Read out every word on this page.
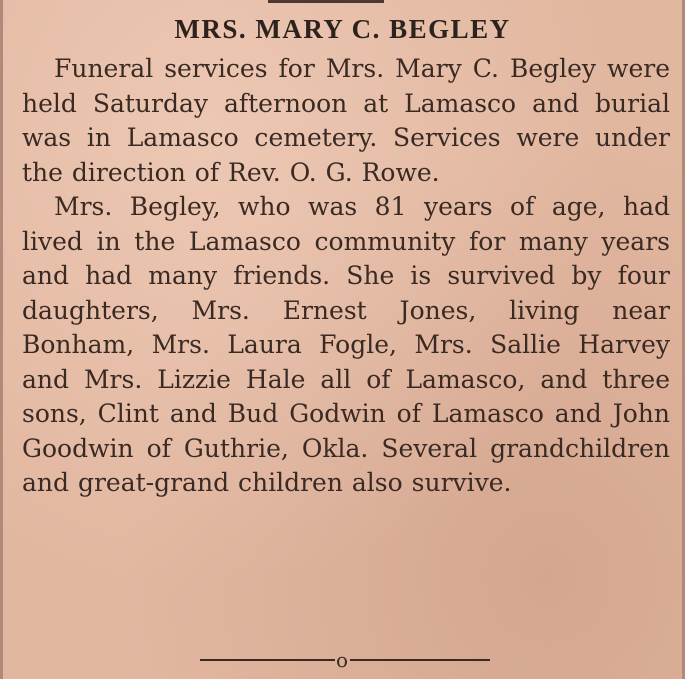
MRS. MARY C. BEGLEY

Funeral services for Mrs. Mary C. Begley were held Saturday afternoon at Lamasco and burial was in Lamasco cemetery. Services were under the direction of Rev. O. G. Rowe.

Mrs. Begley, who was 81 years of age, had lived in the Lamasco community for many years and had many friends. She is survived by four daughters, Mrs. Ernest Jones, living near Bonham, Mrs. Laura Fogle, Mrs. Sallie Harvey and Mrs. Lizzie Hale all of Lamasco, and three sons, Clint and Bud Godwin of Lamasco and John Goodwin of Guthrie, Okla. Several grandchildren and great-grand children also survive.

o
